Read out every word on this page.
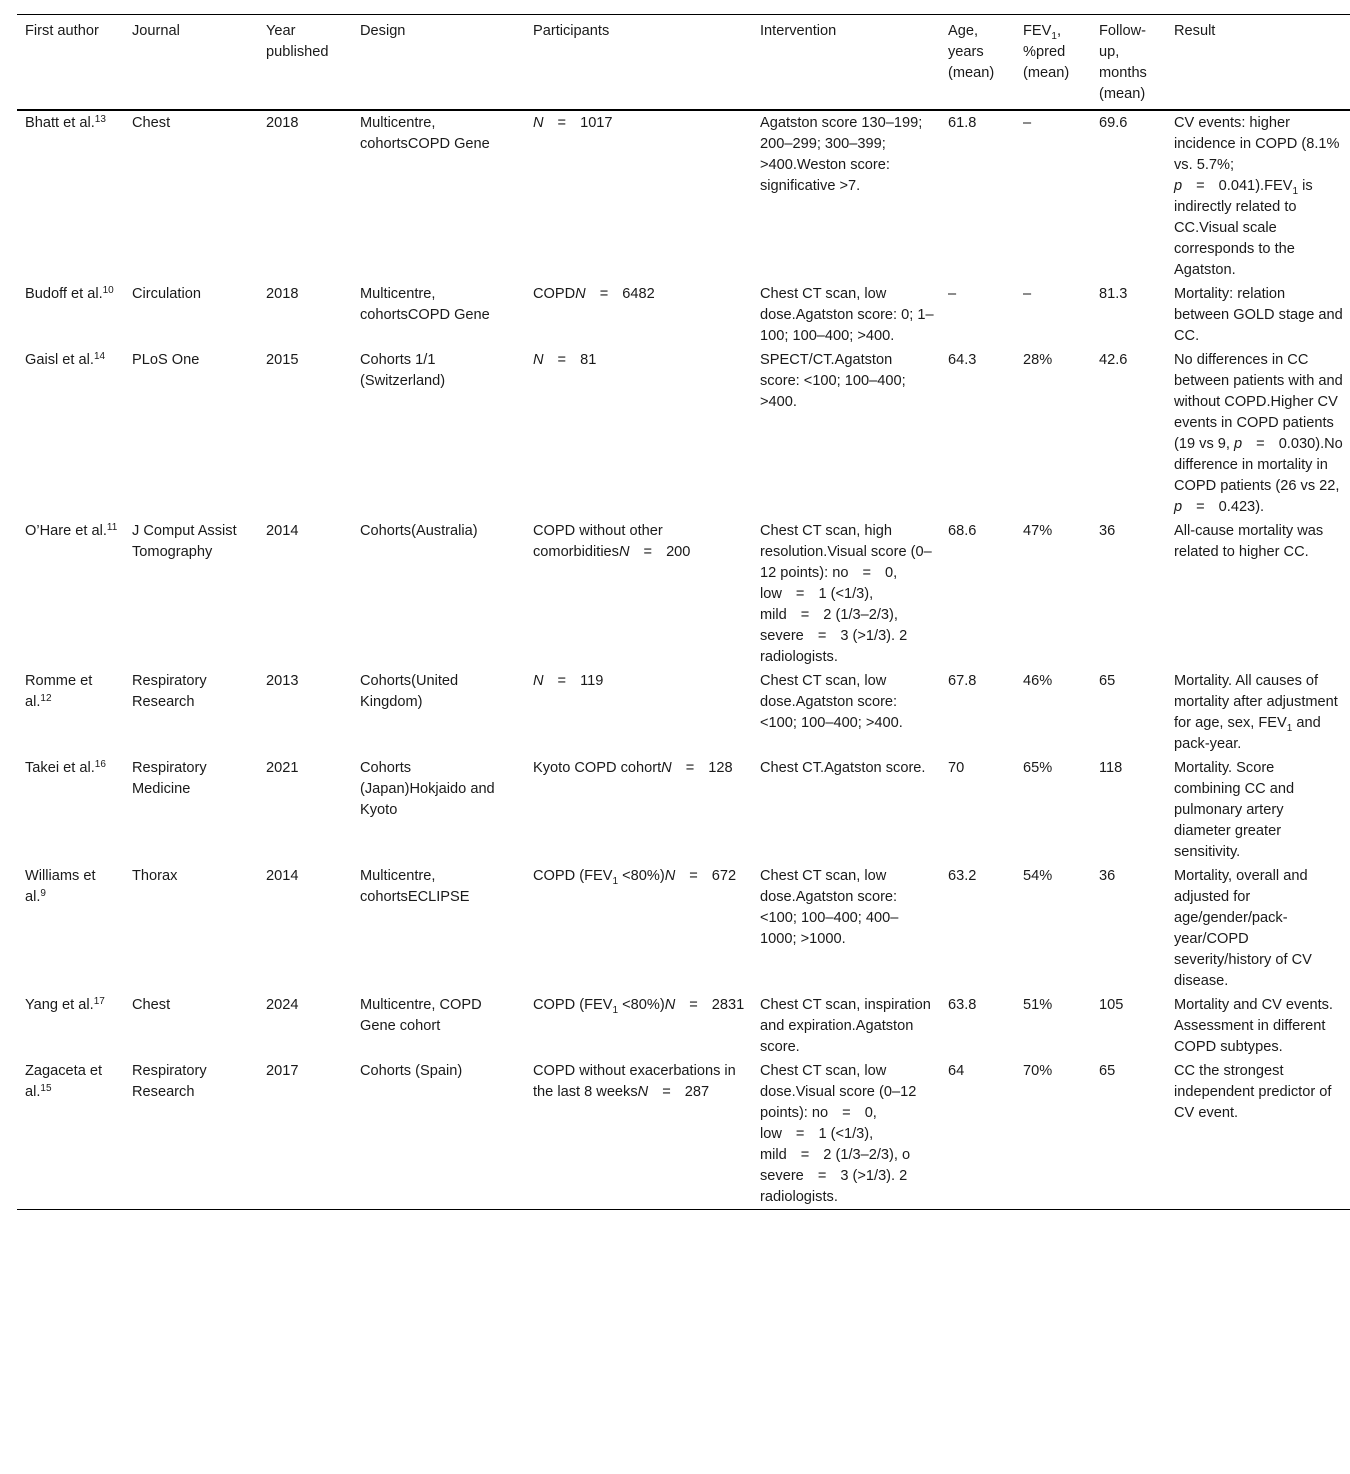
First author	Journal	Year published	Design	Participants	Intervention	Age, years (mean)	$FEV_1$, %pred (mean)	Follow-up, months (mean)	Result
Bhatt et al.$^{13}$	Chest	2018	Multicentre, cohortsCOPD Gene	N = 1017	Agatston score 130–199; 200–299; 300–399; >400.Weston score: significative >7.	61.8	–	69.6	CV events: higher incidence in COPD (8.1% vs. 5.7%; $p = 0.041).FEV_1$ is indirectly related to CC.Visual scale corresponds to the Agatston.
Budoff et al.$^{10}$	Circulation	2018	Multicentre, cohortsCOPD Gene	COPDN = 6482	Chest CT scan, low dose.Agatston score: 0; 1–100; 100–400; >400.	–	–	81.3	Mortality: relation between GOLD stage and CC.
Gaisl et al.$^{14}$	PLoS One	2015	Cohorts 1/1 (Switzerland)	N = 81	SPECT/CT.Agatston score: <100; 100–400; >400.	64.3	28%	42.6	No differences in CC between patients with and without COPD.Higher CV events in COPD patients (19 vs 9, p = 0.030).No difference in mortality in COPD patients (26 vs 22, p = 0.423).
O’Hare et al.$^{11}$	J Comput Assist Tomography	2014	Cohorts(Australia)	COPD without other comorbiditiesN = 200	Chest CT scan, high resolution.Visual score (0–12 points): no = 0, low = 1 (<1/3), mild = 2 (1/3–2/3), severe = 3 (>1/3). 2 radiologists.	68.6	47%	36	All-cause mortality was related to higher CC.
Romme et al.$^{12}$	Respiratory Research	2013	Cohorts(United Kingdom)	N = 119	Chest CT scan, low dose.Agatston score: <100; 100–400; >400.	67.8	46%	65	Mortality. All causes of mortality after adjustment for age, sex, $FEV_1$ and pack-year.
Takei et al.$^{16}$	Respiratory Medicine	2021	Cohorts (Japan)Hokjaido and Kyoto	Kyoto COPD cohortN = 128	Chest CT.Agatston score.	70	65%	118	Mortality. Score combining CC and pulmonary artery diameter greater sensitivity.
Williams et al.$^9$	Thorax	2014	Multicentre, cohortsECLIPSE	COPD $(FEV_1 <80\%)N = 672$	Chest CT scan, low dose.Agatston score: <100; 100–400; 400–1000; >1000.	63.2	54%	36	Mortality, overall and adjusted for age/gender/pack-year/COPD severity/history of CV disease.
Yang et al.$^{17}$	Chest	2024	Multicentre, COPD Gene cohort	COPD $(FEV_1 <80\%)N = 2831$	Chest CT scan, inspiration and expiration.Agatston score.	63.8	51%	105	Mortality and CV events. Assessment in different COPD subtypes.
Zagaceta et al.$^{15}$	Respiratory Research	2017	Cohorts (Spain)	COPD without exacerbations in the last 8 weeksN = 287	Chest CT scan, low dose.Visual score (0–12 points): no = 0, low = 1 (<1/3), mild = 2 (1/3–2/3), o severe = 3 (>1/3). 2 radiologists.	64	70%	65	CC the strongest independent predictor of CV event.
